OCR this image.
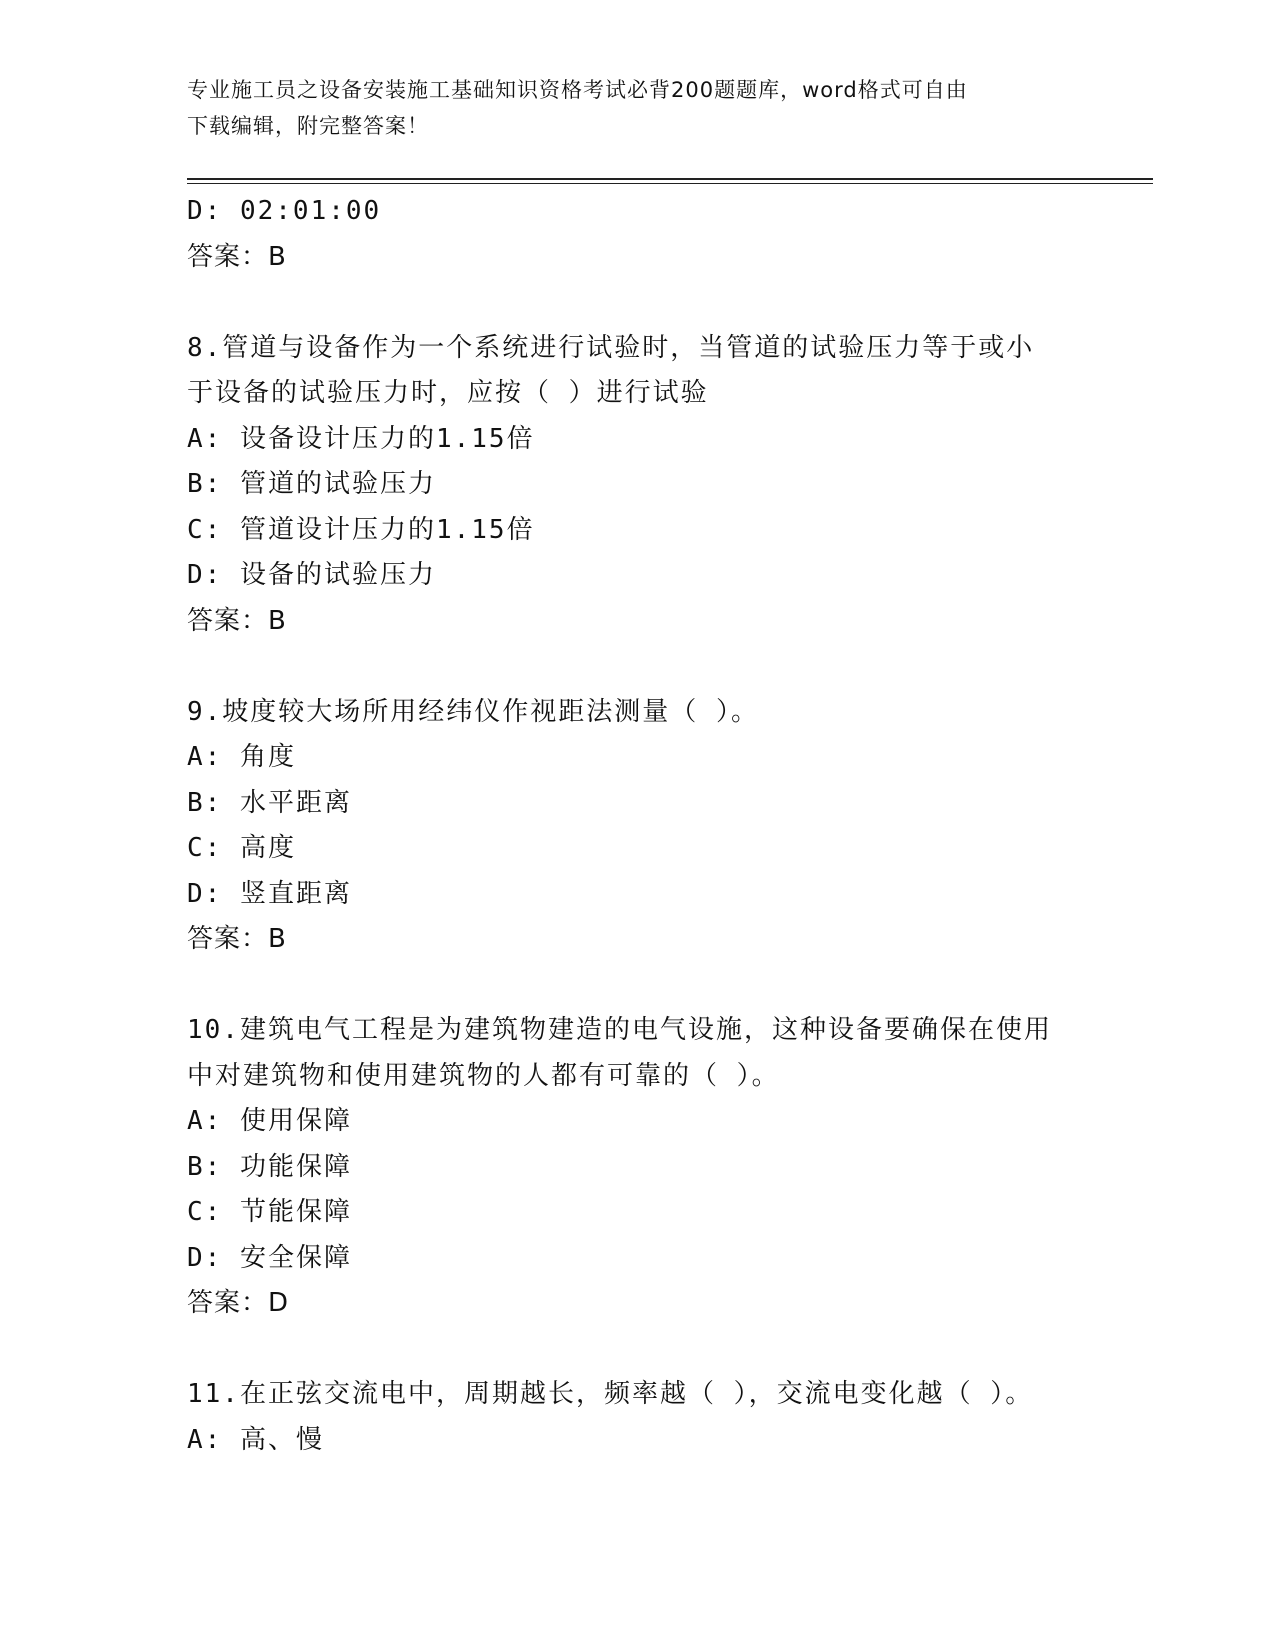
专业施工员之设备安装施工基础知识资格考试必背200题题库，word格式可自由
下载编辑，附完整答案！
D: 02:01:00
答案：B
8.管道与设备作为一个系统进行试验时，当管道的试验压力等于或小
于设备的试验压力时，应按（ ）进行试验
A: 设备设计压力的1.15倍
B: 管道的试验压力
C: 管道设计压力的1.15倍
D: 设备的试验压力
答案：B
9.坡度较大场所用经纬仪作视距法测量（ ）。
A: 角度
B: 水平距离
C: 高度
D: 竖直距离
答案：B
10.建筑电气工程是为建筑物建造的电气设施，这种设备要确保在使用
中对建筑物和使用建筑物的人都有可靠的（ ）。
A: 使用保障
B: 功能保障
C: 节能保障
D: 安全保障
答案：D
11.在正弦交流电中，周期越长，频率越（ ），交流电变化越（ ）。
A: 高、慢
